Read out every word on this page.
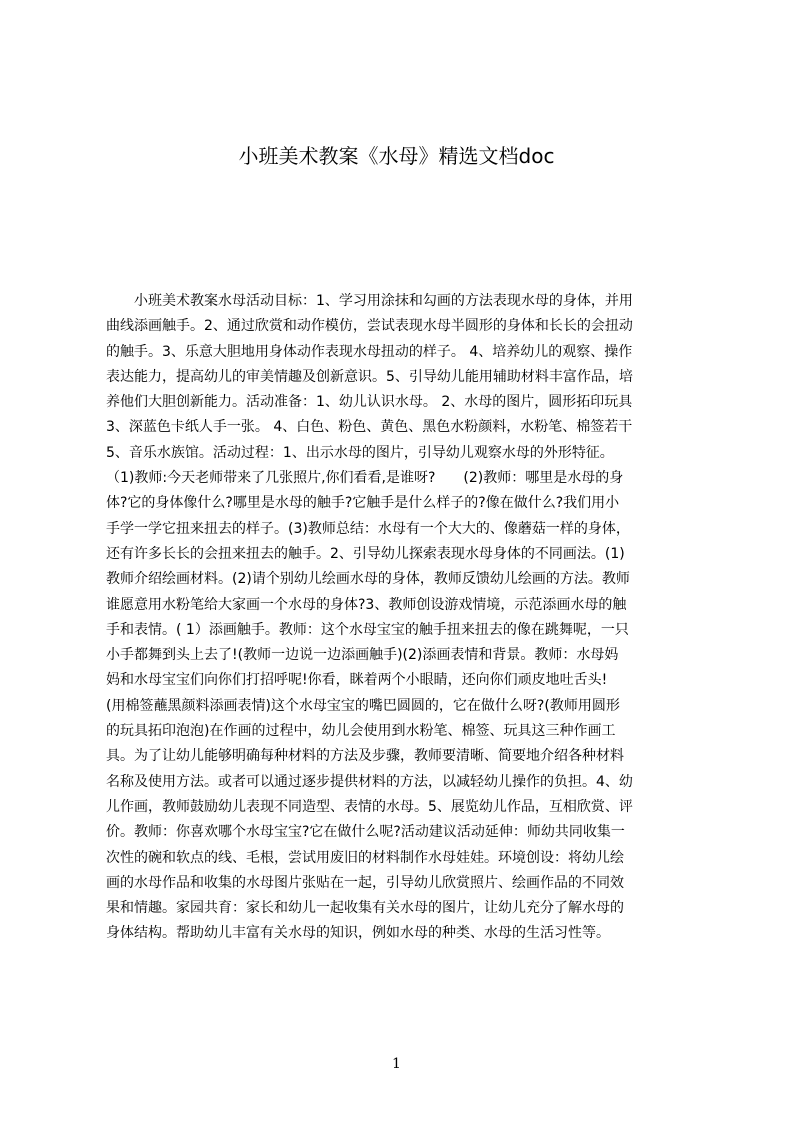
小班美术教案《水母》精选文档doc
　　小班美术教案水母活动目标：1、学习用涂抹和勾画的方法表现水母的身体，并用
曲线添画触手。2、通过欣赏和动作模仿，尝试表现水母半圆形的身体和长长的会扭动
的触手。3、乐意大胆地用身体动作表现水母扭动的样子。 4、培养幼儿的观察、操作
表达能力，提高幼儿的审美情趣及创新意识。5、引导幼儿能用辅助材料丰富作品，培
养他们大胆创新能力。活动准备：1、幼儿认识水母。 2、水母的图片，圆形拓印玩具
3、深蓝色卡纸人手一张。 4、白色、粉色、黄色、黑色水粉颜料，水粉笔、棉签若干
5、音乐水族馆。活动过程：1、出示水母的图片，引导幼儿观察水母的外形特征。
（1)教师:今天老师带来了几张照片,你们看看,是谁呀?　　(2)教师：哪里是水母的身
体?它的身体像什么?哪里是水母的触手?它触手是什么样子的?像在做什么?我们用小
手学一学它扭来扭去的样子。(3)教师总结：水母有一个大大的、像蘑菇一样的身体，
还有许多长长的会扭来扭去的触手。2、引导幼儿探索表现水母身体的不同画法。(1)
教师介绍绘画材料。(2)请个别幼儿绘画水母的身体，教师反馈幼儿绘画的方法。教师
谁愿意用水粉笔给大家画一个水母的身体?3、教师创设游戏情境，示范添画水母的触
手和表情。( 1）添画触手。教师：这个水母宝宝的触手扭来扭去的像在跳舞呢，一只
小手都舞到头上去了!(教师一边说一边添画触手)(2)添画表情和背景。教师：水母妈
妈和水母宝宝们向你们打招呼呢!你看，眯着两个小眼睛，还向你们顽皮地吐舌头!
(用棉签蘸黑颜料添画表情)这个水母宝宝的嘴巴圆圆的，它在做什么呀?(教师用圆形
的玩具拓印泡泡)在作画的过程中，幼儿会使用到水粉笔、棉签、玩具这三种作画工
具。为了让幼儿能够明确每种材料的方法及步骤，教师要清晰、简要地介绍各种材料
名称及使用方法。或者可以通过逐步提供材料的方法，以减轻幼儿操作的负担。4、幼
儿作画，教师鼓励幼儿表现不同造型、表情的水母。5、展览幼儿作品，互相欣赏、评
价。教师：你喜欢哪个水母宝宝?它在做什么呢?活动建议活动延伸：师幼共同收集一
次性的碗和软点的线、毛根，尝试用废旧的材料制作水母娃娃。环境创设：将幼儿绘
画的水母作品和收集的水母图片张贴在一起，引导幼儿欣赏照片、绘画作品的不同效
果和情趣。家园共育：家长和幼儿一起收集有关水母的图片，让幼儿充分了解水母的
身体结构。帮助幼儿丰富有关水母的知识，例如水母的种类、水母的生活习性等。
1
